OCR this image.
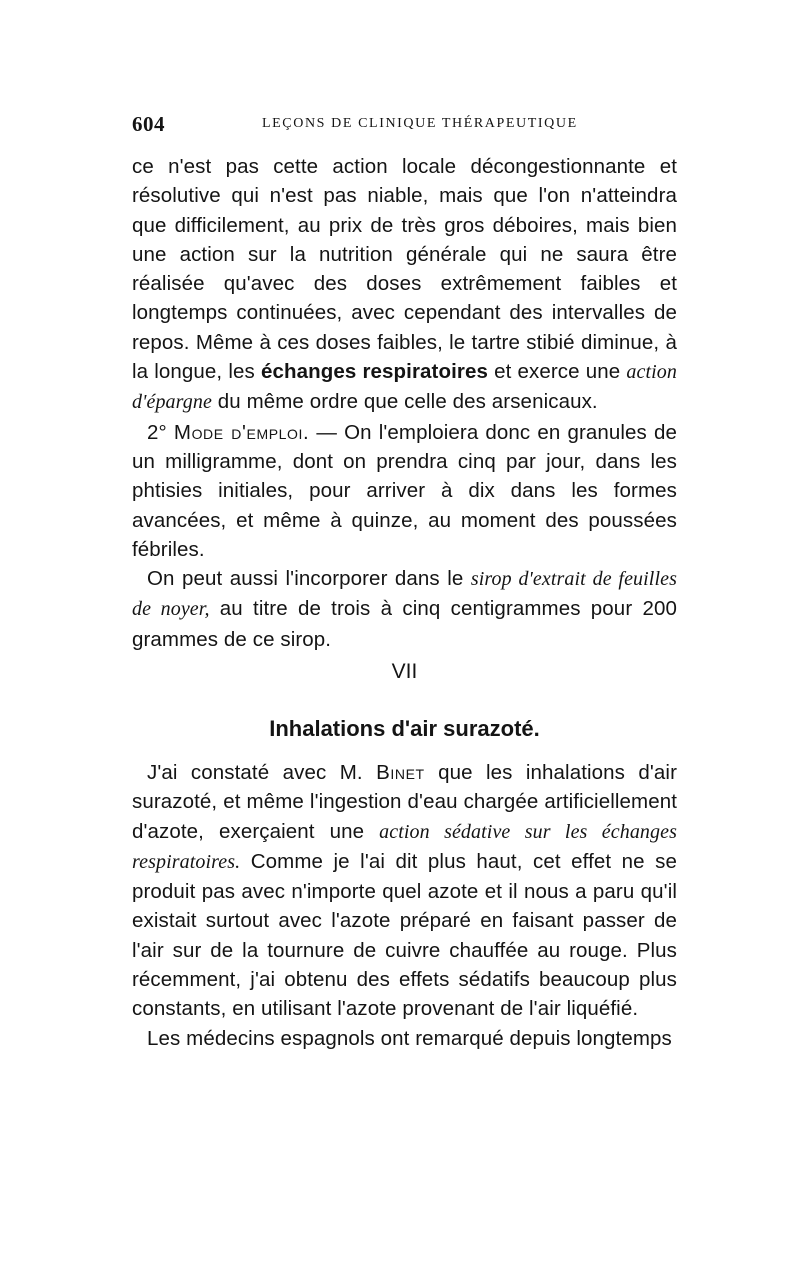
604	LEÇONS DE CLINIQUE THÉRAPEUTIQUE

ce n'est pas cette action locale décongestionnante et résolutive qui n'est pas niable, mais que l'on n'atteindra que difficilement, au prix de très gros déboires, mais bien une action sur la nutrition générale qui ne saura être réalisée qu'avec des doses extrêmement faibles et longtemps continuées, avec cependant des intervalles de repos. Même à ces doses faibles, le tartre stibié diminue, à la longue, les échanges respiratoires et exerce une action d'épargne du même ordre que celle des arsenicaux.

2° Mode d'emploi. — On l'emploiera donc en granules de un milligramme, dont on prendra cinq par jour, dans les phtisies initiales, pour arriver à dix dans les formes avancées, et même à quinze, au moment des poussées fébriles.

On peut aussi l'incorporer dans le sirop d'extrait de feuilles de noyer, au titre de trois à cinq centigrammes pour 200 grammes de ce sirop.

VII
Inhalations d'air surazoté.

J'ai constaté avec M. Binet que les inhalations d'air surazoté, et même l'ingestion d'eau chargée artificiellement d'azote, exerçaient une action sédative sur les échanges respiratoires. Comme je l'ai dit plus haut, cet effet ne se produit pas avec n'importe quel azote et il nous a paru qu'il existait surtout avec l'azote préparé en faisant passer de l'air sur de la tournure de cuivre chauffée au rouge. Plus récemment, j'ai obtenu des effets sédatifs beaucoup plus constants, en utilisant l'azote provenant de l'air liquéfié.

Les médecins espagnols ont remarqué depuis longtemps
